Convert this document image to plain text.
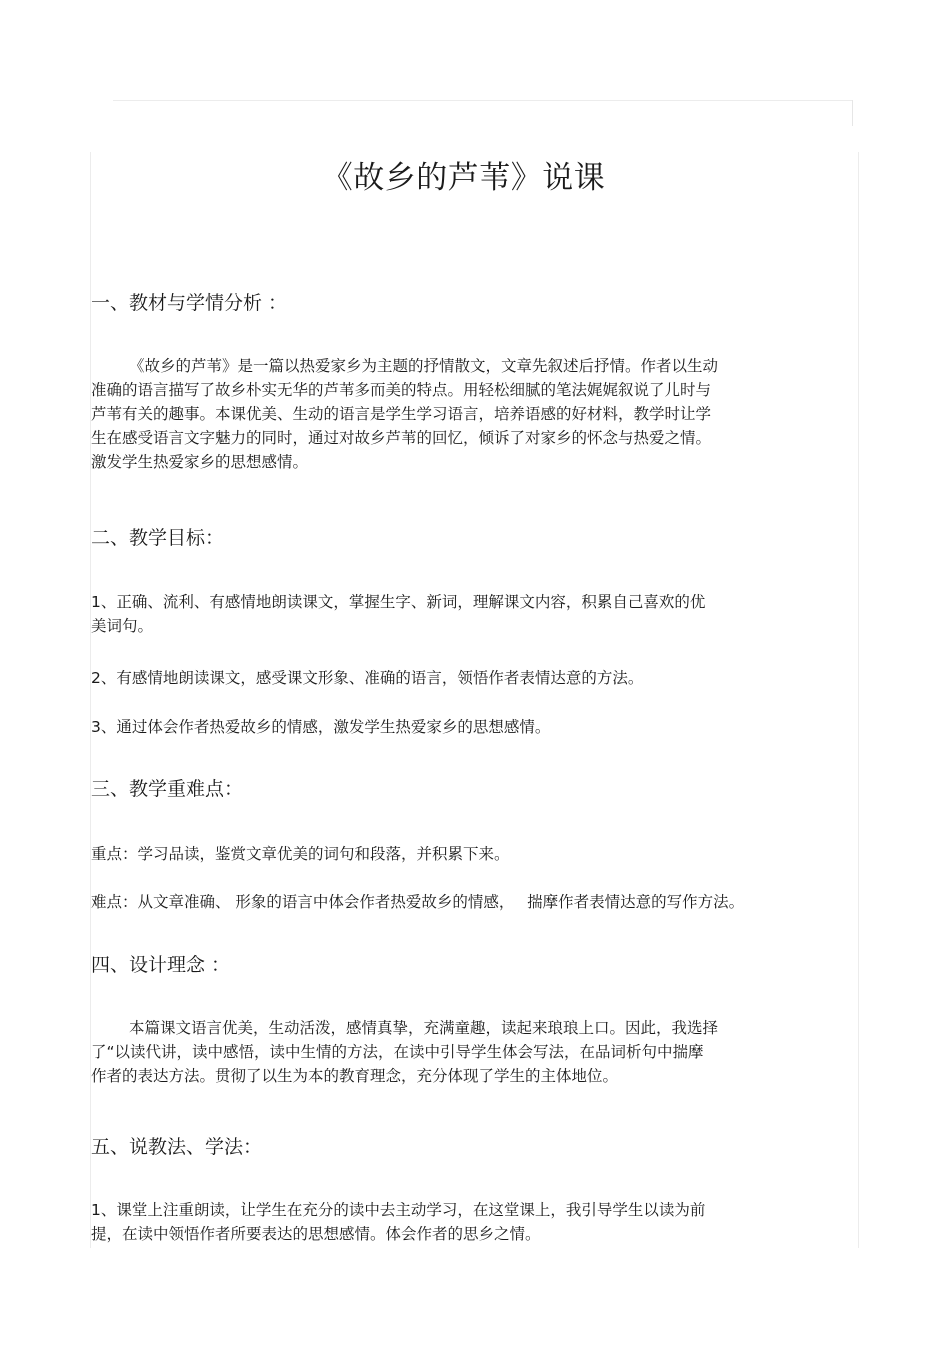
《故乡的芦苇》说课
一、教材与学情分析 ：

《故乡的芦苇》是一篇以热爱家乡为主题的抒情散文，文章先叙述后抒情。作者以生动
准确的语言描写了故乡朴实无华的芦苇多而美的特点。用轻松细腻的笔法娓娓叙说了儿时与
芦苇有关的趣事。本课优美、生动的语言是学生学习语言，培养语感的好材料，教学时让学
生在感受语言文字魅力的同时，通过对故乡芦苇的回忆，倾诉了对家乡的怀念与热爱之情。
激发学生热爱家乡的思想感情。

二、教学目标：

1、正确、流利、有感情地朗读课文，掌握生字、新词，理解课文内容，积累自己喜欢的优
美词句。

2、有感情地朗读课文，感受课文形象、准确的语言，领悟作者表情达意的方法。

3、通过体会作者热爱故乡的情感，激发学生热爱家乡的思想感情。

三、教学重难点：

重点：学习品读，鉴赏文章优美的词句和段落，并积累下来。

难点：从文章准确、 形象的语言中体会作者热爱故乡的情感，　 揣摩作者表情达意的写作方法。

四、设计理念 ：

本篇课文语言优美，生动活泼，感情真挚，充满童趣，读起来琅琅上口。因此，我选择
了“以读代讲，读中感悟，读中生情的方法，在读中引导学生体会写法，在品词析句中揣摩
作者的表达方法。贯彻了以生为本的教育理念，充分体现了学生的主体地位。

五、说教法、学法：

1、课堂上注重朗读，让学生在充分的读中去主动学习，在这堂课上，我引导学生以读为前
提，在读中领悟作者所要表达的思想感情。体会作者的思乡之情。
